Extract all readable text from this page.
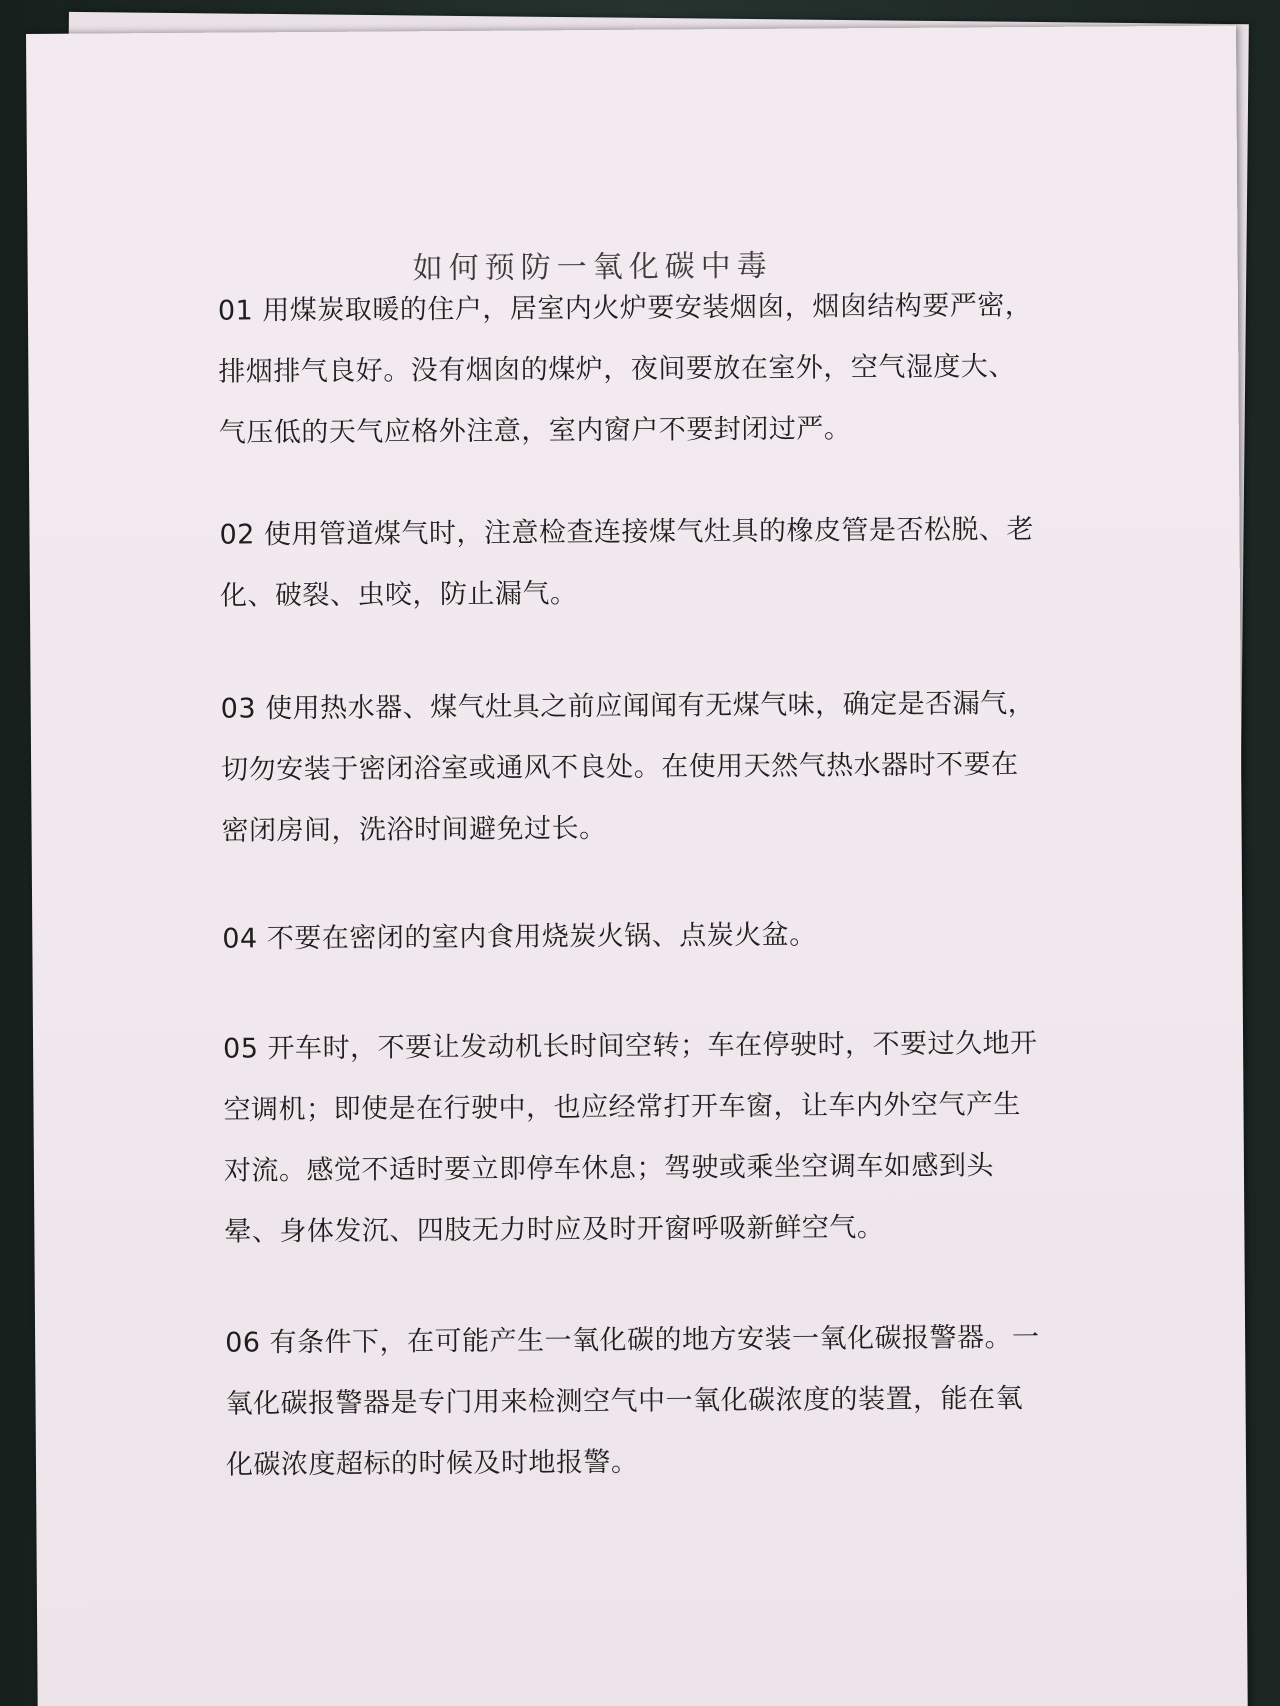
如何预防一氧化碳中毒
01 用煤炭取暖的住户，居室内火炉要安装烟囱，烟囱结构要严密，
排烟排气良好。没有烟囱的煤炉，夜间要放在室外，空气湿度大、
气压低的天气应格外注意，室内窗户不要封闭过严。
02 使用管道煤气时，注意检查连接煤气灶具的橡皮管是否松脱、老
化、破裂、虫咬，防止漏气。
03 使用热水器、煤气灶具之前应闻闻有无煤气味，确定是否漏气，
切勿安装于密闭浴室或通风不良处。在使用天然气热水器时不要在
密闭房间，洗浴时间避免过长。
04 不要在密闭的室内食用烧炭火锅、点炭火盆。
05 开车时，不要让发动机长时间空转；车在停驶时，不要过久地开
空调机；即使是在行驶中，也应经常打开车窗，让车内外空气产生
对流。感觉不适时要立即停车休息；驾驶或乘坐空调车如感到头
晕、身体发沉、四肢无力时应及时开窗呼吸新鲜空气。
06 有条件下，在可能产生一氧化碳的地方安装一氧化碳报警器。一
氧化碳报警器是专门用来检测空气中一氧化碳浓度的装置，能在氧
化碳浓度超标的时候及时地报警。
